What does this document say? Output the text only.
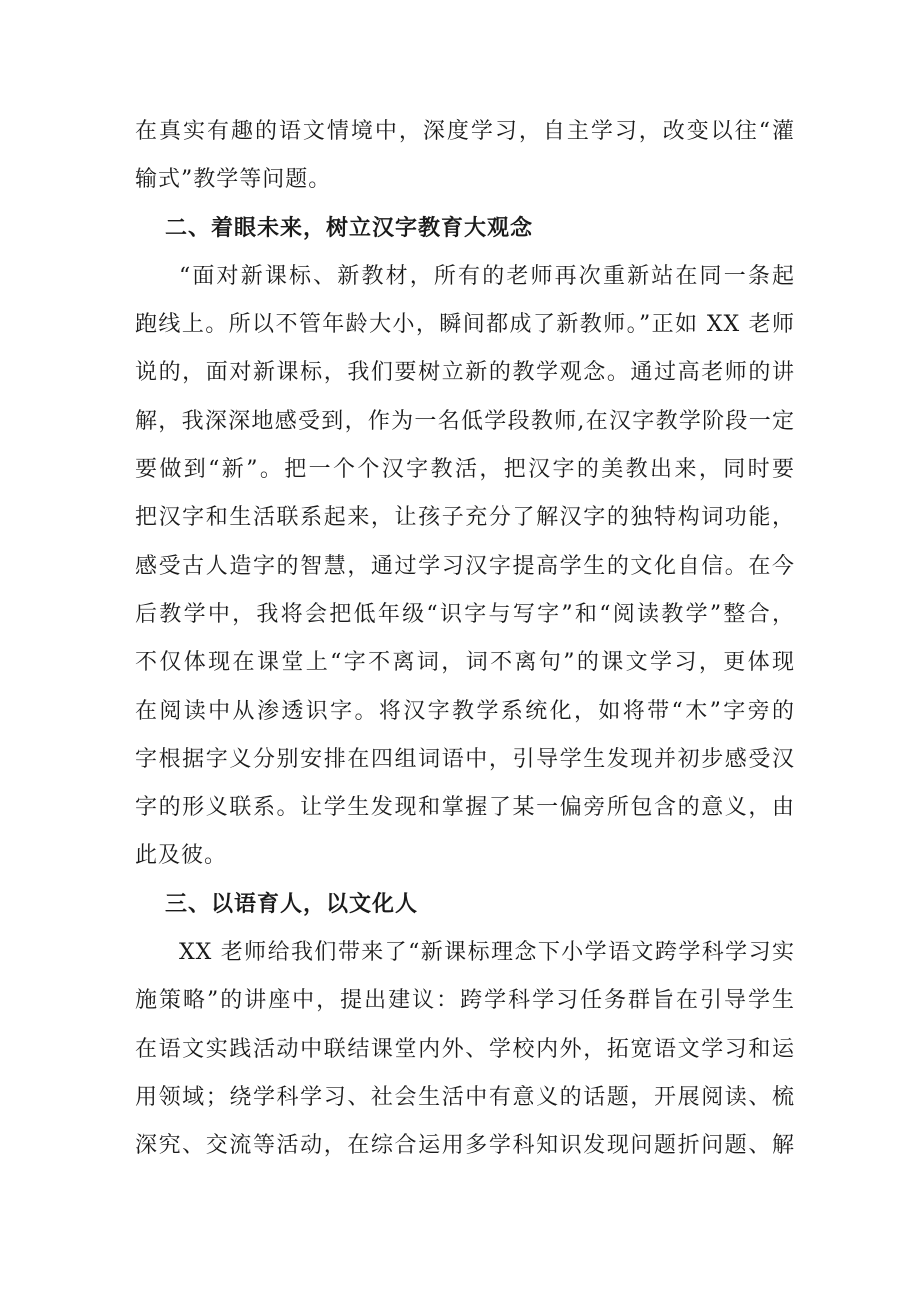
在真实有趣的语文情境中，深度学习，自主学习，改变以往“灌
输式”教学等问题。
二、着眼未来，树立汉字教育大观念
“面对新课标、新教材，所有的老师再次重新站在同一条起
跑线上。所以不管年龄大小，瞬间都成了新教师。”正如 XX 老师
说的，面对新课标，我们要树立新的教学观念。通过高老师的讲
解，我深深地感受到，作为一名低学段教师,在汉字教学阶段一定
要做到“新”。把一个个汉字教活，把汉字的美教出来，同时要
把汉字和生活联系起来，让孩子充分了解汉字的独特构词功能，
感受古人造字的智慧，通过学习汉字提高学生的文化自信。在今
后教学中，我将会把低年级“识字与写字”和“阅读教学”整合，
不仅体现在课堂上“字不离词，词不离句”的课文学习，更体现
在阅读中从渗透识字。将汉字教学系统化，如将带“木”字旁的
字根据字义分别安排在四组词语中，引导学生发现并初步感受汉
字的形义联系。让学生发现和掌握了某一偏旁所包含的意义，由
此及彼。
三、以语育人，以文化人
XX 老师给我们带来了“新课标理念下小学语文跨学科学习实
施策略”的讲座中，提出建议：跨学科学习任务群旨在引导学生
在语文实践活动中联结课堂内外、学校内外，拓宽语文学习和运
用领域；绕学科学习、社会生活中有意义的话题，开展阅读、梳
深究、交流等活动，在综合运用多学科知识发现问题折问题、解
